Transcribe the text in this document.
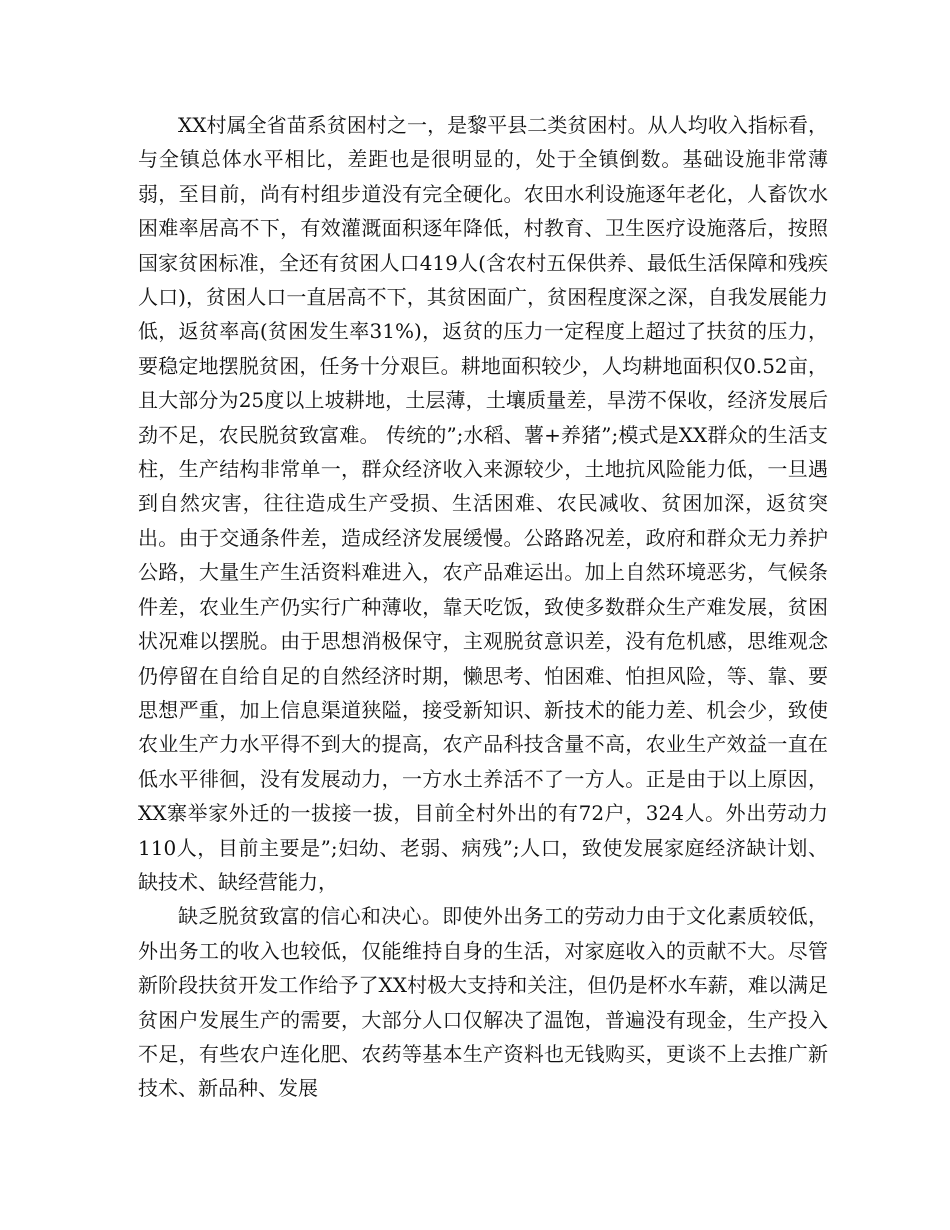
XX村属全省苗系贫困村之一，是黎平县二类贫困村。从人均收入指标看，与全镇总体水平相比，差距也是很明显的，处于全镇倒数。基础设施非常薄弱，至目前，尚有村组步道没有完全硬化。农田水利设施逐年老化，人畜饮水困难率居高不下，有效灌溉面积逐年降低，村教育、卫生医疗设施落后，按照国家贫困标准，全还有贫困人口419人(含农村五保供养、最低生活保障和残疾人口)，贫困人口一直居高不下，其贫困面广，贫困程度深之深，自我发展能力低，返贫率高(贫困发生率31%)，返贫的压力一定程度上超过了扶贫的压力，要稳定地摆脱贫困，任务十分艰巨。耕地面积较少，人均耕地面积仅0.52亩，且大部分为25度以上坡耕地，土层薄，土壤质量差，旱涝不保收，经济发展后劲不足，农民脱贫致富难。 传统的”;水稻、薯+养猪”;模式是XX群众的生活支柱，生产结构非常单一，群众经济收入来源较少，土地抗风险能力低，一旦遇到自然灾害，往往造成生产受损、生活困难、农民减收、贫困加深，返贫突出。由于交通条件差，造成经济发展缓慢。公路路况差，政府和群众无力养护公路，大量生产生活资料难进入，农产品难运出。加上自然环境恶劣，气候条件差，农业生产仍实行广种薄收，靠天吃饭，致使多数群众生产难发展，贫困状况难以摆脱。由于思想消极保守，主观脱贫意识差，没有危机感，思维观念仍停留在自给自足的自然经济时期，懒思考、怕困难、怕担风险，等、靠、要思想严重，加上信息渠道狭隘，接受新知识、新技术的能力差、机会少，致使农业生产力水平得不到大的提高，农产品科技含量不高，农业生产效益一直在低水平徘徊，没有发展动力，一方水土养活不了一方人。正是由于以上原因，XX寨举家外迁的一拔接一拔，目前全村外出的有72户，324人。外出劳动力110人，目前主要是”;妇幼、老弱、病残”;人口，致使发展家庭经济缺计划、缺技术、缺经营能力，

缺乏脱贫致富的信心和决心。即使外出务工的劳动力由于文化素质较低，外出务工的收入也较低，仅能维持自身的生活，对家庭收入的贡献不大。尽管新阶段扶贫开发工作给予了XX村极大支持和关注，但仍是杯水车薪，难以满足贫困户发展生产的需要，大部分人口仅解决了温饱，普遍没有现金，生产投入不足，有些农户连化肥、农药等基本生产资料也无钱购买，更谈不上去推广新技术、新品种、发展
